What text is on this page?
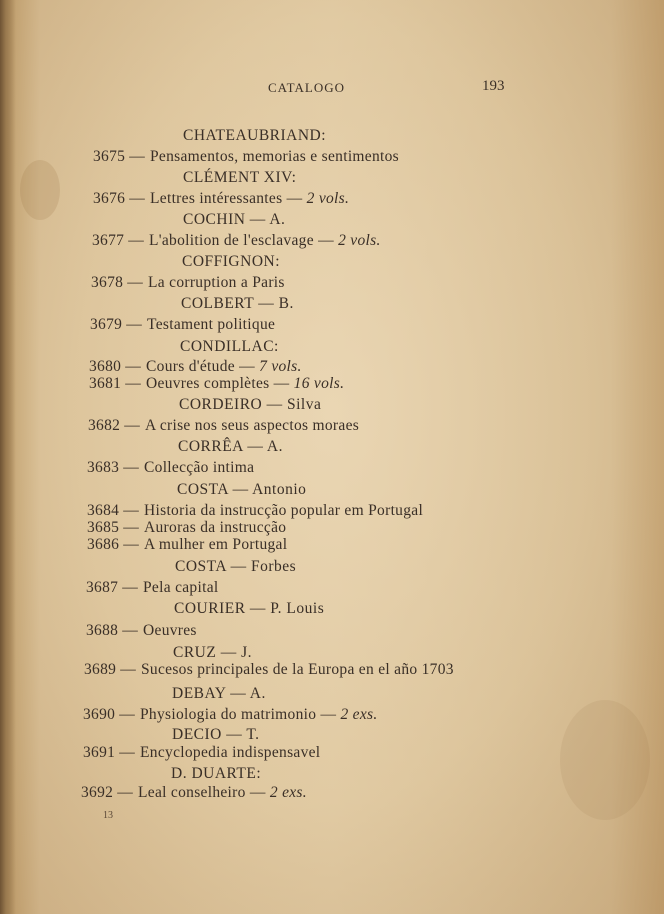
CATALOGO	193
CHATEAUBRIAND:
3675 — Pensamentos, memorias e sentimentos
CLÉMENT XIV:
3676 — Lettres intéressantes — 2 vols.
COCHIN — A.
3677 — L'abolition de l'esclavage — 2 vols.
COFFIGNON:
3678 — La corruption a Paris
COLBERT — B.
3679 — Testament politique
CONDILLAC:
3680 — Cours d'étude — 7 vols.
3681 — Oeuvres complètes — 16 vols.
CORDEIRO — Silva
3682 — A crise nos seus aspectos moraes
CORRÊA — A.
3683 — Collecção intima
COSTA — Antonio
3684 — Historia da instrucção popular em Portugal
3685 — Auroras da instrucção
3686 — A mulher em Portugal
COSTA — Forbes
3687 — Pela capital
COURIER — P. Louis
3688 — Oeuvres
CRUZ — J.
3689 — Sucesos principales de la Europa en el año 1703
DEBAY — A.
3690 — Physiologia do matrimonio — 2 exs.
DECIO — T.
3691 — Encyclopedia indispensavel
D. DUARTE:
3692 — Leal conselheiro — 2 exs.
13
